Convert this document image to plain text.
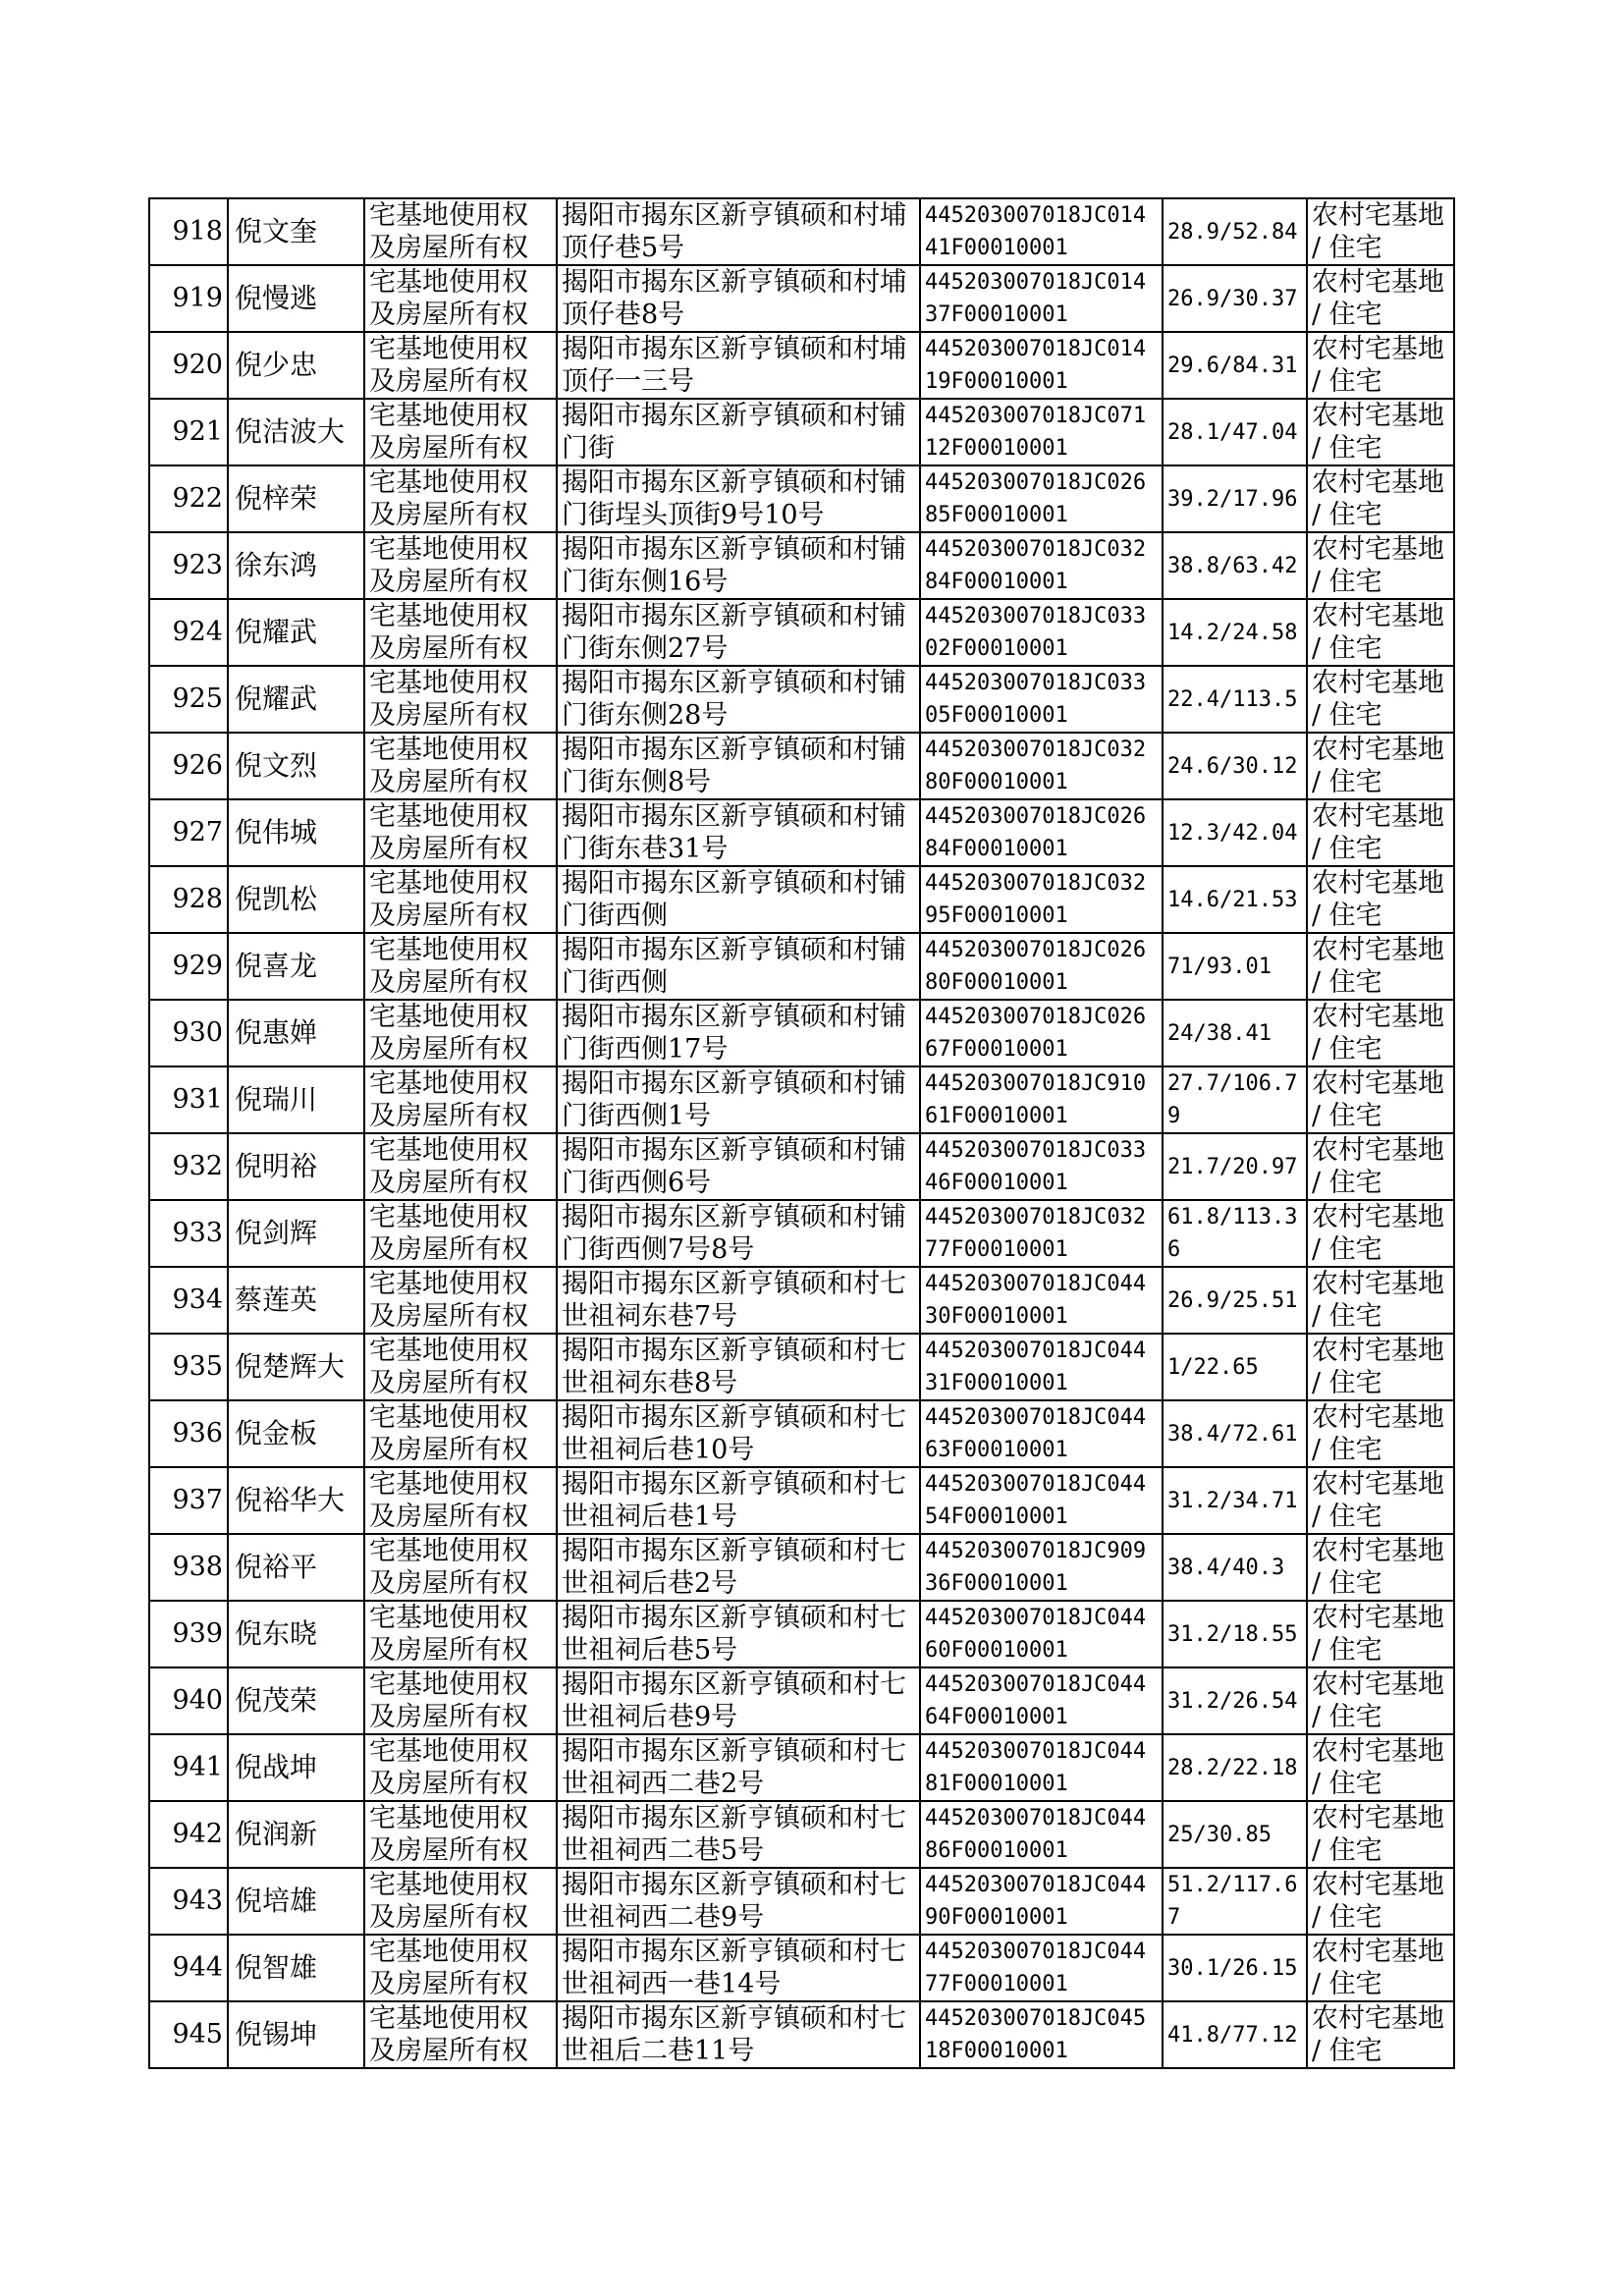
918	倪文奎	宅基地使用权及房屋所有权	揭阳市揭东区新亨镇硕和村埔顶仔巷5号	445203007018JC01441F00010001	28.9/52.84	农村宅基地 / 住宅
919	倪慢逃	宅基地使用权及房屋所有权	揭阳市揭东区新亨镇硕和村埔顶仔巷8号	445203007018JC01437F00010001	26.9/30.37	农村宅基地 / 住宅
920	倪少忠	宅基地使用权及房屋所有权	揭阳市揭东区新亨镇硕和村埔顶仔一三号	445203007018JC01419F00010001	29.6/84.31	农村宅基地 / 住宅
921	倪洁波大	宅基地使用权及房屋所有权	揭阳市揭东区新亨镇硕和村铺门街	445203007018JC07112F00010001	28.1/47.04	农村宅基地 / 住宅
922	倪梓荣	宅基地使用权及房屋所有权	揭阳市揭东区新亨镇硕和村铺门街埕头顶街9号10号	445203007018JC02685F00010001	39.2/17.96	农村宅基地 / 住宅
923	徐东鸿	宅基地使用权及房屋所有权	揭阳市揭东区新亨镇硕和村铺门街东侧16号	445203007018JC03284F00010001	38.8/63.42	农村宅基地 / 住宅
924	倪耀武	宅基地使用权及房屋所有权	揭阳市揭东区新亨镇硕和村铺门街东侧27号	445203007018JC03302F00010001	14.2/24.58	农村宅基地 / 住宅
925	倪耀武	宅基地使用权及房屋所有权	揭阳市揭东区新亨镇硕和村铺门街东侧28号	445203007018JC03305F00010001	22.4/113.5	农村宅基地 / 住宅
926	倪文烈	宅基地使用权及房屋所有权	揭阳市揭东区新亨镇硕和村铺门街东侧8号	445203007018JC03280F00010001	24.6/30.12	农村宅基地 / 住宅
927	倪伟城	宅基地使用权及房屋所有权	揭阳市揭东区新亨镇硕和村铺门街东巷31号	445203007018JC02684F00010001	12.3/42.04	农村宅基地 / 住宅
928	倪凯松	宅基地使用权及房屋所有权	揭阳市揭东区新亨镇硕和村铺门街西侧	445203007018JC03295F00010001	14.6/21.53	农村宅基地 / 住宅
929	倪喜龙	宅基地使用权及房屋所有权	揭阳市揭东区新亨镇硕和村铺门街西侧	445203007018JC02680F00010001	71/93.01	农村宅基地 / 住宅
930	倪惠婵	宅基地使用权及房屋所有权	揭阳市揭东区新亨镇硕和村铺门街西侧17号	445203007018JC02667F00010001	24/38.41	农村宅基地 / 住宅
931	倪瑞川	宅基地使用权及房屋所有权	揭阳市揭东区新亨镇硕和村铺门街西侧1号	445203007018JC91061F00010001	27.7/106.79	农村宅基地 / 住宅
932	倪明裕	宅基地使用权及房屋所有权	揭阳市揭东区新亨镇硕和村铺门街西侧6号	445203007018JC03346F00010001	21.7/20.97	农村宅基地 / 住宅
933	倪剑辉	宅基地使用权及房屋所有权	揭阳市揭东区新亨镇硕和村铺门街西侧7号8号	445203007018JC03277F00010001	61.8/113.36	农村宅基地 / 住宅
934	蔡莲英	宅基地使用权及房屋所有权	揭阳市揭东区新亨镇硕和村七世祖祠东巷7号	445203007018JC04430F00010001	26.9/25.51	农村宅基地 / 住宅
935	倪楚辉大	宅基地使用权及房屋所有权	揭阳市揭东区新亨镇硕和村七世祖祠东巷8号	445203007018JC04431F00010001	1/22.65	农村宅基地 / 住宅
936	倪金板	宅基地使用权及房屋所有权	揭阳市揭东区新亨镇硕和村七世祖祠后巷10号	445203007018JC04463F00010001	38.4/72.61	农村宅基地 / 住宅
937	倪裕华大	宅基地使用权及房屋所有权	揭阳市揭东区新亨镇硕和村七世祖祠后巷1号	445203007018JC04454F00010001	31.2/34.71	农村宅基地 / 住宅
938	倪裕平	宅基地使用权及房屋所有权	揭阳市揭东区新亨镇硕和村七世祖祠后巷2号	445203007018JC90936F00010001	38.4/40.3	农村宅基地 / 住宅
939	倪东晓	宅基地使用权及房屋所有权	揭阳市揭东区新亨镇硕和村七世祖祠后巷5号	445203007018JC04460F00010001	31.2/18.55	农村宅基地 / 住宅
940	倪茂荣	宅基地使用权及房屋所有权	揭阳市揭东区新亨镇硕和村七世祖祠后巷9号	445203007018JC04464F00010001	31.2/26.54	农村宅基地 / 住宅
941	倪战坤	宅基地使用权及房屋所有权	揭阳市揭东区新亨镇硕和村七世祖祠西二巷2号	445203007018JC04481F00010001	28.2/22.18	农村宅基地 / 住宅
942	倪润新	宅基地使用权及房屋所有权	揭阳市揭东区新亨镇硕和村七世祖祠西二巷5号	445203007018JC04486F00010001	25/30.85	农村宅基地 / 住宅
943	倪培雄	宅基地使用权及房屋所有权	揭阳市揭东区新亨镇硕和村七世祖祠西二巷9号	445203007018JC04490F00010001	51.2/117.67	农村宅基地 / 住宅
944	倪智雄	宅基地使用权及房屋所有权	揭阳市揭东区新亨镇硕和村七世祖祠西一巷14号	445203007018JC04477F00010001	30.1/26.15	农村宅基地 / 住宅
945	倪锡坤	宅基地使用权及房屋所有权	揭阳市揭东区新亨镇硕和村七世祖后二巷11号	445203007018JC04518F00010001	41.8/77.12	农村宅基地 / 住宅
